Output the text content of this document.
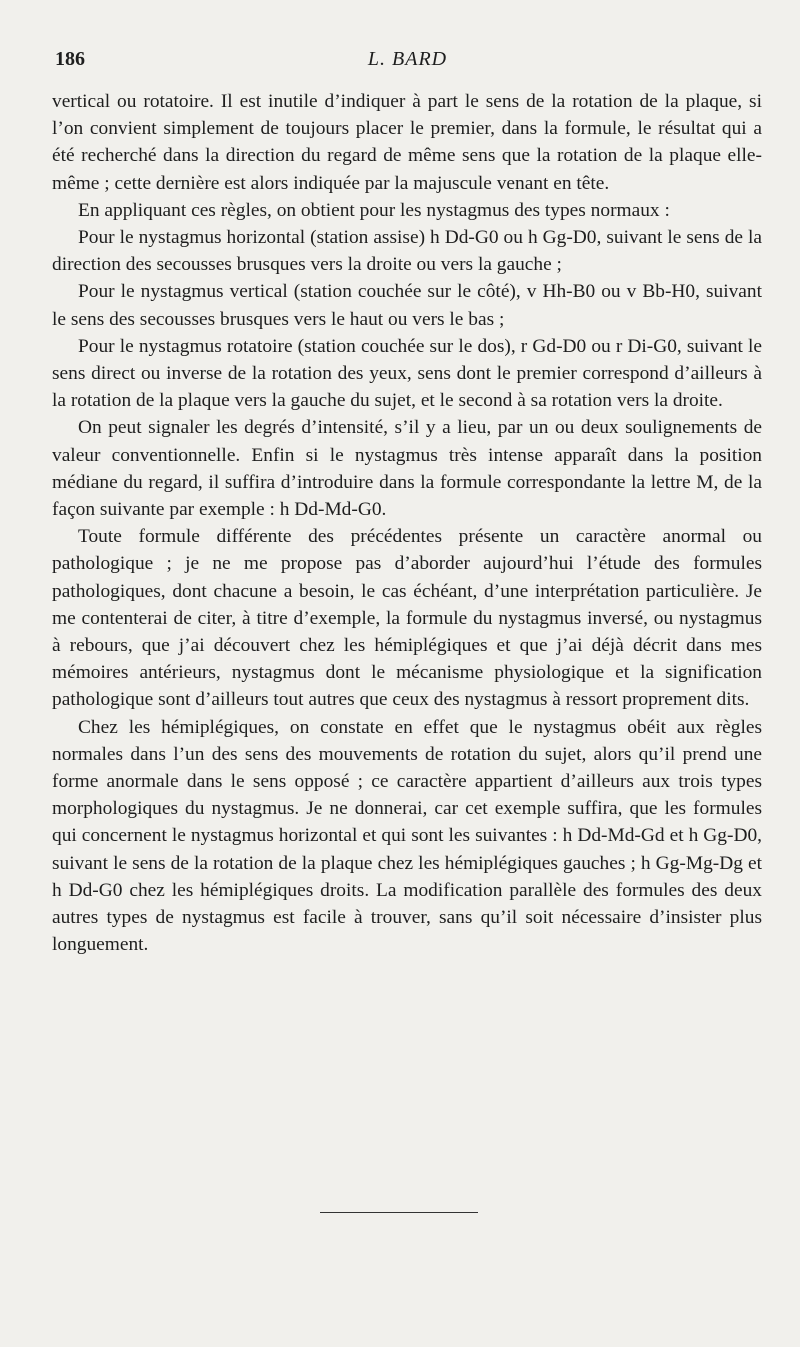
186	L. BARD

vertical ou rotatoire. Il est inutile d’indiquer à part le sens de la rotation de la plaque, si l’on convient simplement de toujours placer le premier, dans la formule, le résultat qui a été recherché dans la direction du regard de même sens que la rotation de la plaque elle-même ; cette dernière est alors indiquée par la majuscule venant en tête.

En appliquant ces règles, on obtient pour les nystagmus des types normaux :

Pour le nystagmus horizontal (station assise) h Dd-G0 ou h Gg-D0, suivant le sens de la direction des secousses brusques vers la droite ou vers la gauche ;

Pour le nystagmus vertical (station couchée sur le côté), v Hh-B0 ou v Bb-H0, suivant le sens des secousses brusques vers le haut ou vers le bas ;

Pour le nystagmus rotatoire (station couchée sur le dos), r Gd-D0 ou r Di-G0, suivant le sens direct ou inverse de la rotation des yeux, sens dont le premier correspond d’ailleurs à la rotation de la plaque vers la gauche du sujet, et le second à sa rotation vers la droite.

On peut signaler les degrés d’intensité, s’il y a lieu, par un ou deux soulignements de valeur conventionnelle. Enfin si le nystagmus très intense apparaît dans la position médiane du regard, il suffira d’introduire dans la formule correspondante la lettre M, de la façon suivante par exemple : h Dd-Md-G0.

Toute formule différente des précédentes présente un caractère anormal ou pathologique ; je ne me propose pas d’aborder aujourd’hui l’étude des formules pathologiques, dont chacune a besoin, le cas échéant, d’une interprétation particulière. Je me contenterai de citer, à titre d’exemple, la formule du nystagmus inversé, ou nystagmus à rebours, que j’ai découvert chez les hémiplégiques et que j’ai déjà décrit dans mes mémoires antérieurs, nystagmus dont le mécanisme physiologique et la signification pathologique sont d’ailleurs tout autres que ceux des nystagmus à ressort proprement dits.

Chez les hémiplégiques, on constate en effet que le nystagmus obéit aux règles normales dans l’un des sens des mouvements de rotation du sujet, alors qu’il prend une forme anormale dans le sens opposé ; ce caractère appartient d’ailleurs aux trois types morphologiques du nystagmus. Je ne donnerai, car cet exemple suffira, que les formules qui concernent le nystagmus horizontal et qui sont les suivantes : h Dd-Md-Gd et h Gg-D0, suivant le sens de la rotation de la plaque chez les hémiplégiques gauches ; h Gg-Mg-Dg et h Dd-G0 chez les hémiplégiques droits. La modification parallèle des formules des deux autres types de nystagmus est facile à trouver, sans qu’il soit nécessaire d’insister plus longuement.
